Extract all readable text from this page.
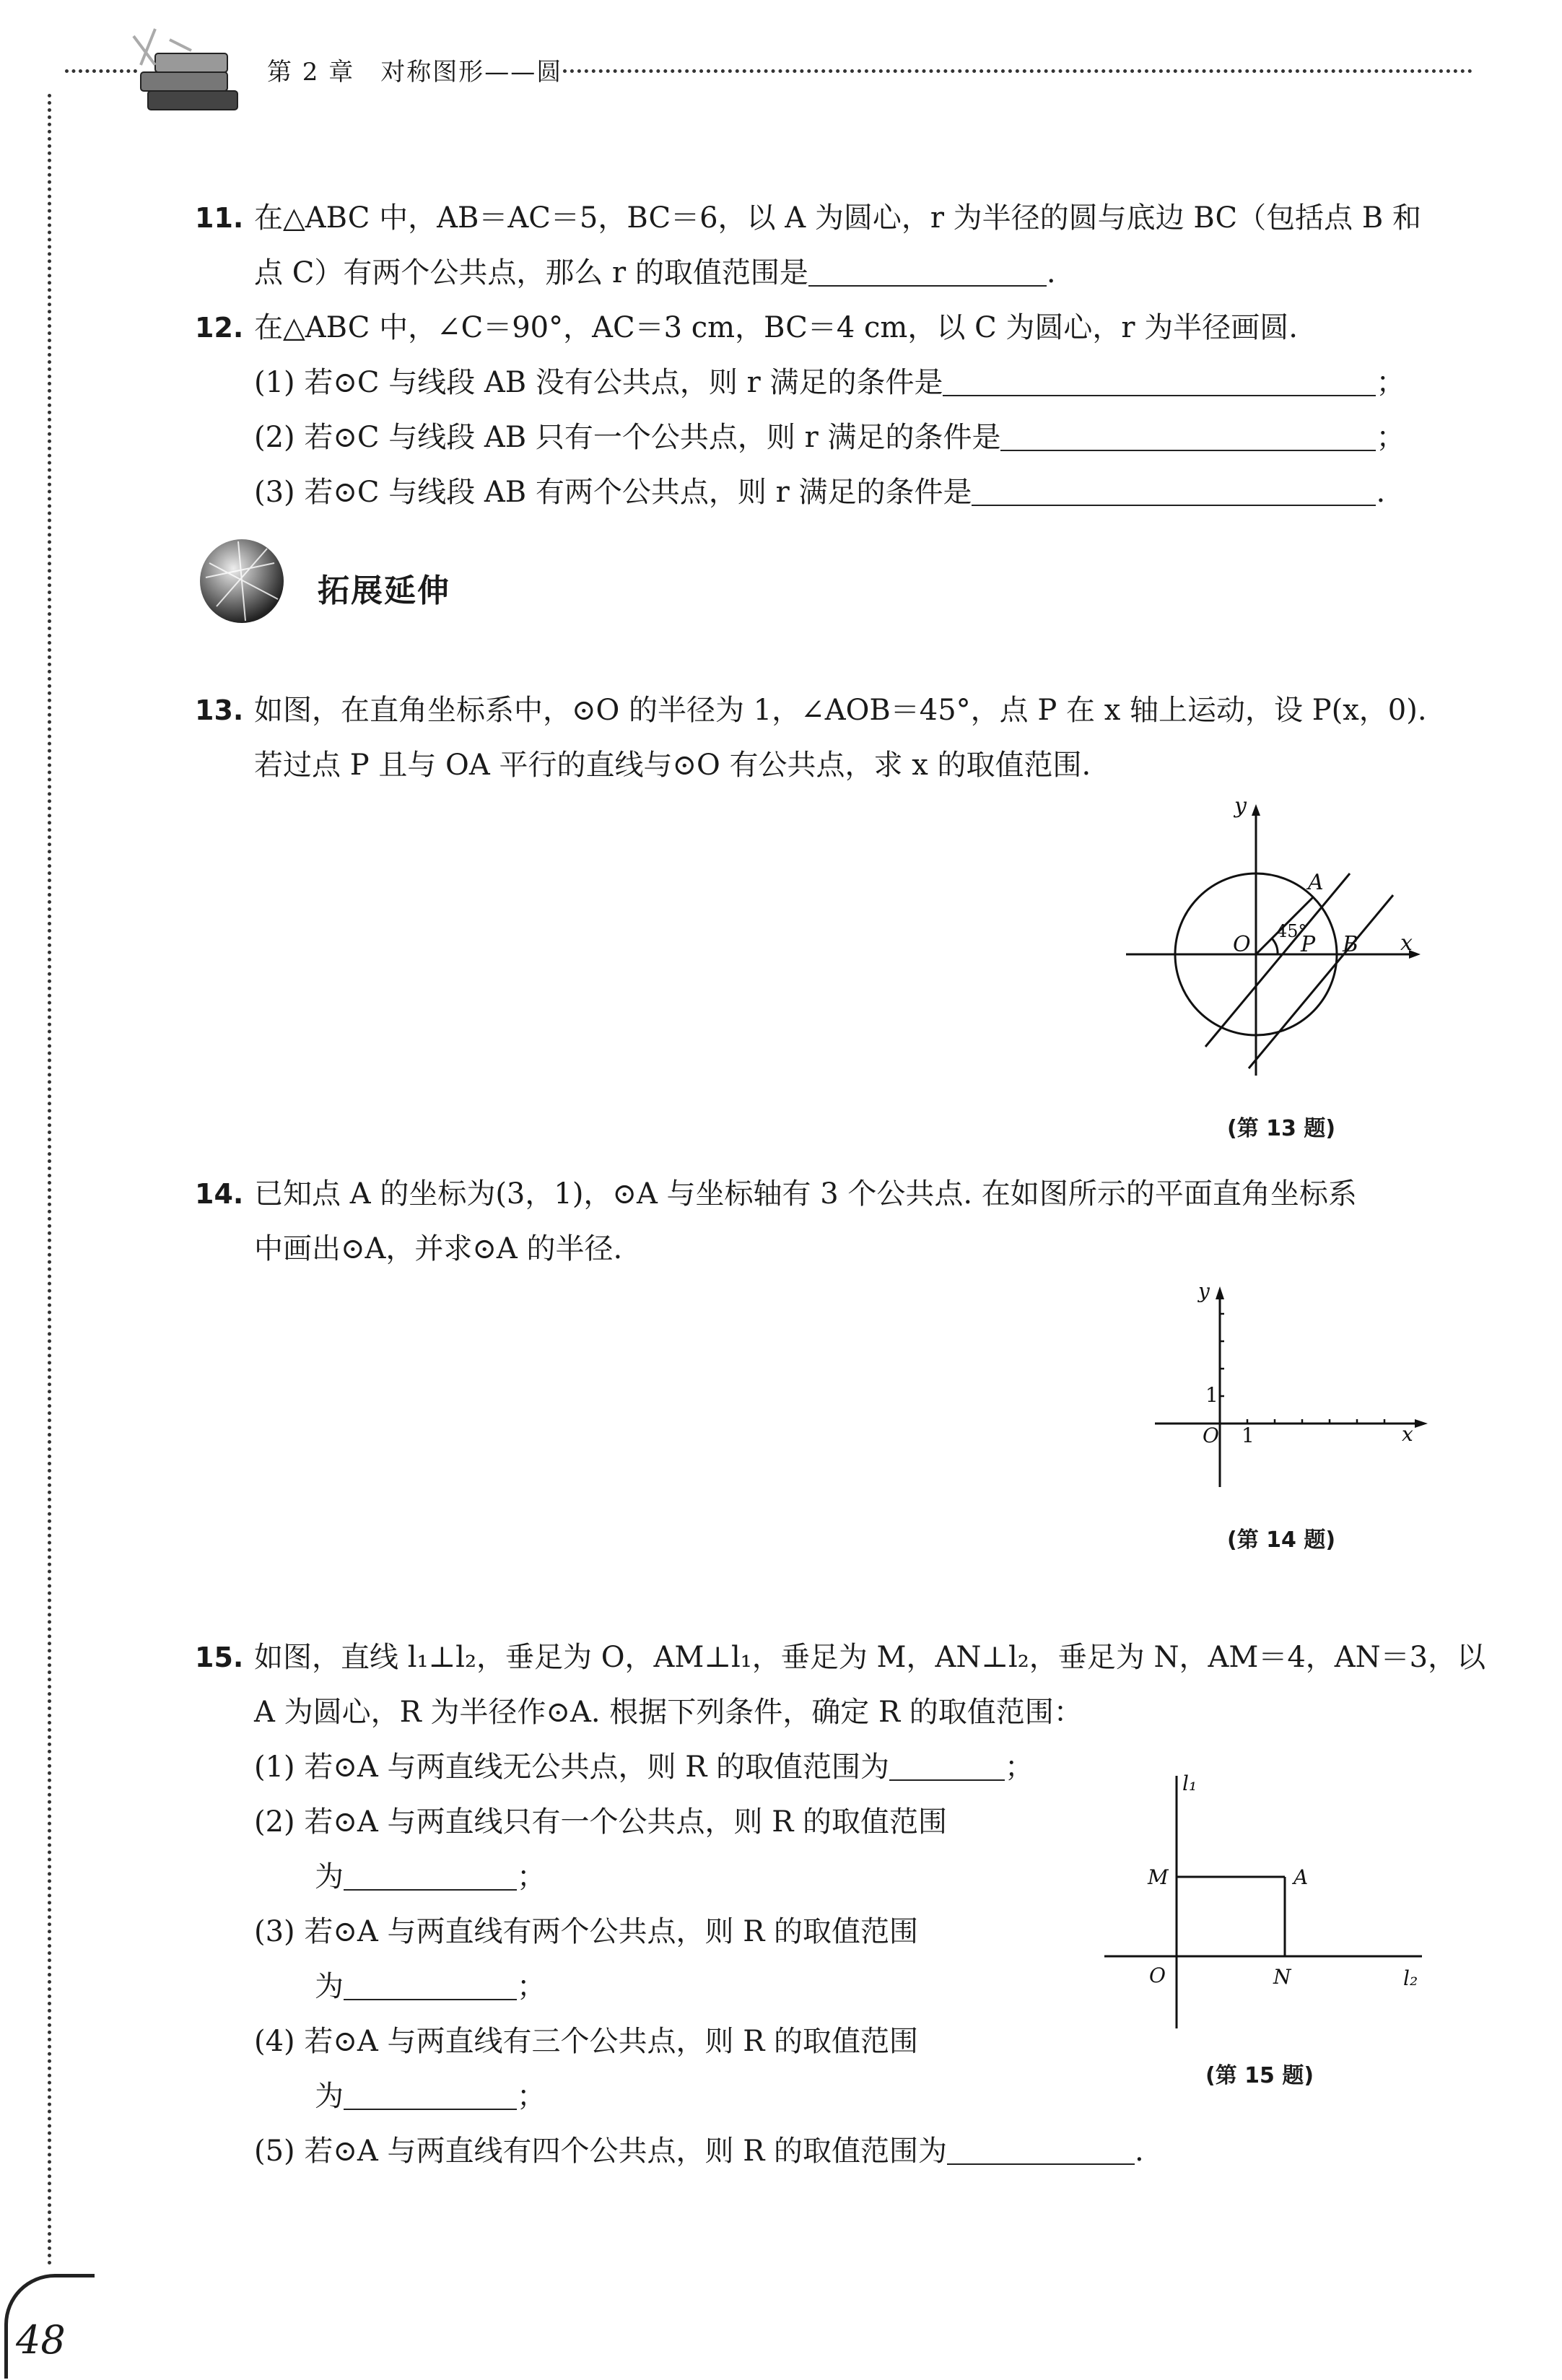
第 2 章　对称图形——圆
11. 在△ABC 中，AB＝AC＝5，BC＝6，以 A 为圆心，r 为半径的圆与底边 BC（包括点 B 和
点 C）有两个公共点，那么 r 的取值范围是	.
12. 在△ABC 中，∠C＝90°，AC＝3 cm，BC＝4 cm，以 C 为圆心，r 为半径画圆.
(1) 若⊙C 与线段 AB 没有公共点，则 r 满足的条件是	；
(2) 若⊙C 与线段 AB 只有一个公共点，则 r 满足的条件是	；
(3) 若⊙C 与线段 AB 有两个公共点，则 r 满足的条件是	.
拓展延伸
13. 如图，在直角坐标系中，⊙O 的半径为 1，∠AOB＝45°，点 P 在 x 轴上运动，设 P(x，0).
若过点 P 且与 OA 平行的直线与⊙O 有公共点，求 x 的取值范围.
y
x
O
A
P B
45°
(第 13 题)
14. 已知点 A 的坐标为(3，1)，⊙A 与坐标轴有 3 个公共点. 在如图所示的平面直角坐标系
中画出⊙A，并求⊙A 的半径.
y
x
O 1
1
(第 14 题)
15. 如图，直线 l₁⊥l₂，垂足为 O，AM⊥l₁，垂足为 M，AN⊥l₂，垂足为 N，AM＝4，AN＝3，以
A 为圆心，R 为半径作⊙A. 根据下列条件，确定 R 的取值范围：
(1) 若⊙A 与两直线无公共点，则 R 的取值范围为	；
(2) 若⊙A 与两直线只有一个公共点，则 R 的取值范围
为	；
(3) 若⊙A 与两直线有两个公共点，则 R 的取值范围
为	；
(4) 若⊙A 与两直线有三个公共点，则 R 的取值范围
为	；
(5) 若⊙A 与两直线有四个公共点，则 R 的取值范围为	.
l₁
l₂
M	A
O	N
(第 15 题)
48
